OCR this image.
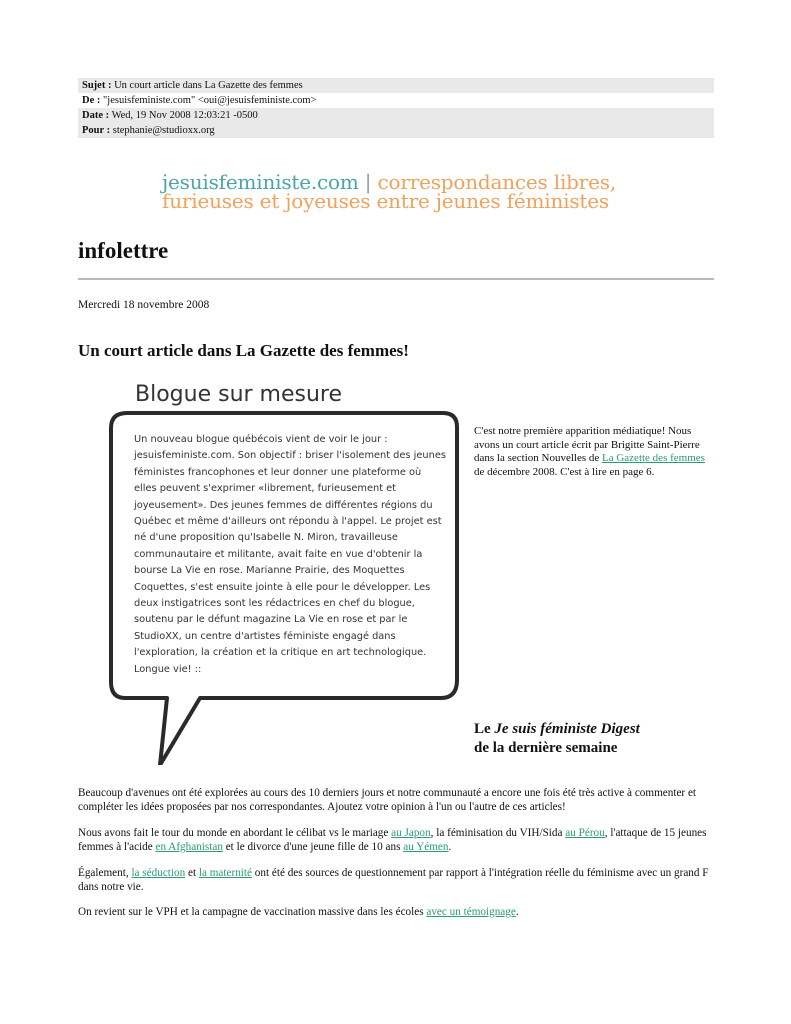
Sujet : Un court article dans La Gazette des femmes
De : "jesuisfeministe.com" <oui@jesuisfeministe.com>
Date : Wed, 19 Nov 2008 12:03:21 -0500
Pour : stephanie@studioxx.org
jesuisfeministe.com | correspondances libres,
furieuses et joyeuses entre jeunes féministes
infolettre
Mercredi 18 novembre 2008
Un court article dans La Gazette des femmes!
Blogue sur mesure
Un nouveau blogue québécois vient de voir le jour : jesuisfeministe.com. Son objectif : briser l'isolement des jeunes féministes francophones et leur donner une plateforme où elles peuvent s'exprimer «librement, furieusement et joyeusement». Des jeunes femmes de différentes régions du Québec et même d'ailleurs ont répondu à l'appel. Le projet est né d'une proposition qu'Isabelle N. Miron, travailleuse communautaire et militante, avait faite en vue d'obtenir la bourse La Vie en rose. Marianne Prairie, des Moquettes Coquettes, s'est ensuite jointe à elle pour le développer. Les deux instigatrices sont les rédactrices en chef du blogue, soutenu par le défunt magazine La Vie en rose et par le StudioXX, un centre d'artistes féministe engagé dans l'exploration, la création et la critique en art technologique. Longue vie! ::
C'est notre première apparition médiatique! Nous avons un court article écrit par Brigitte Saint-Pierre dans la section Nouvelles de La Gazette des femmes de décembre 2008. C'est à lire en page 6.
Le Je suis féministe Digest
de la dernière semaine
Beaucoup d'avenues ont été explorées au cours des 10 derniers jours et notre communauté a encore une fois été très active à commenter et compléter les idées proposées par nos correspondantes. Ajoutez votre opinion à l'un ou l'autre de ces articles!
Nous avons fait le tour du monde en abordant le célibat vs le mariage au Japon, la féminisation du VIH/Sida au Pérou, l'attaque de 15 jeunes femmes à l'acide en Afghanistan et le divorce d'une jeune fille de 10 ans au Yémen.
Également, la séduction et la maternité ont été des sources de questionnement par rapport à l'intégration réelle du féminisme avec un grand F dans notre vie.
On revient sur le VPH et la campagne de vaccination massive dans les écoles avec un témoignage.
